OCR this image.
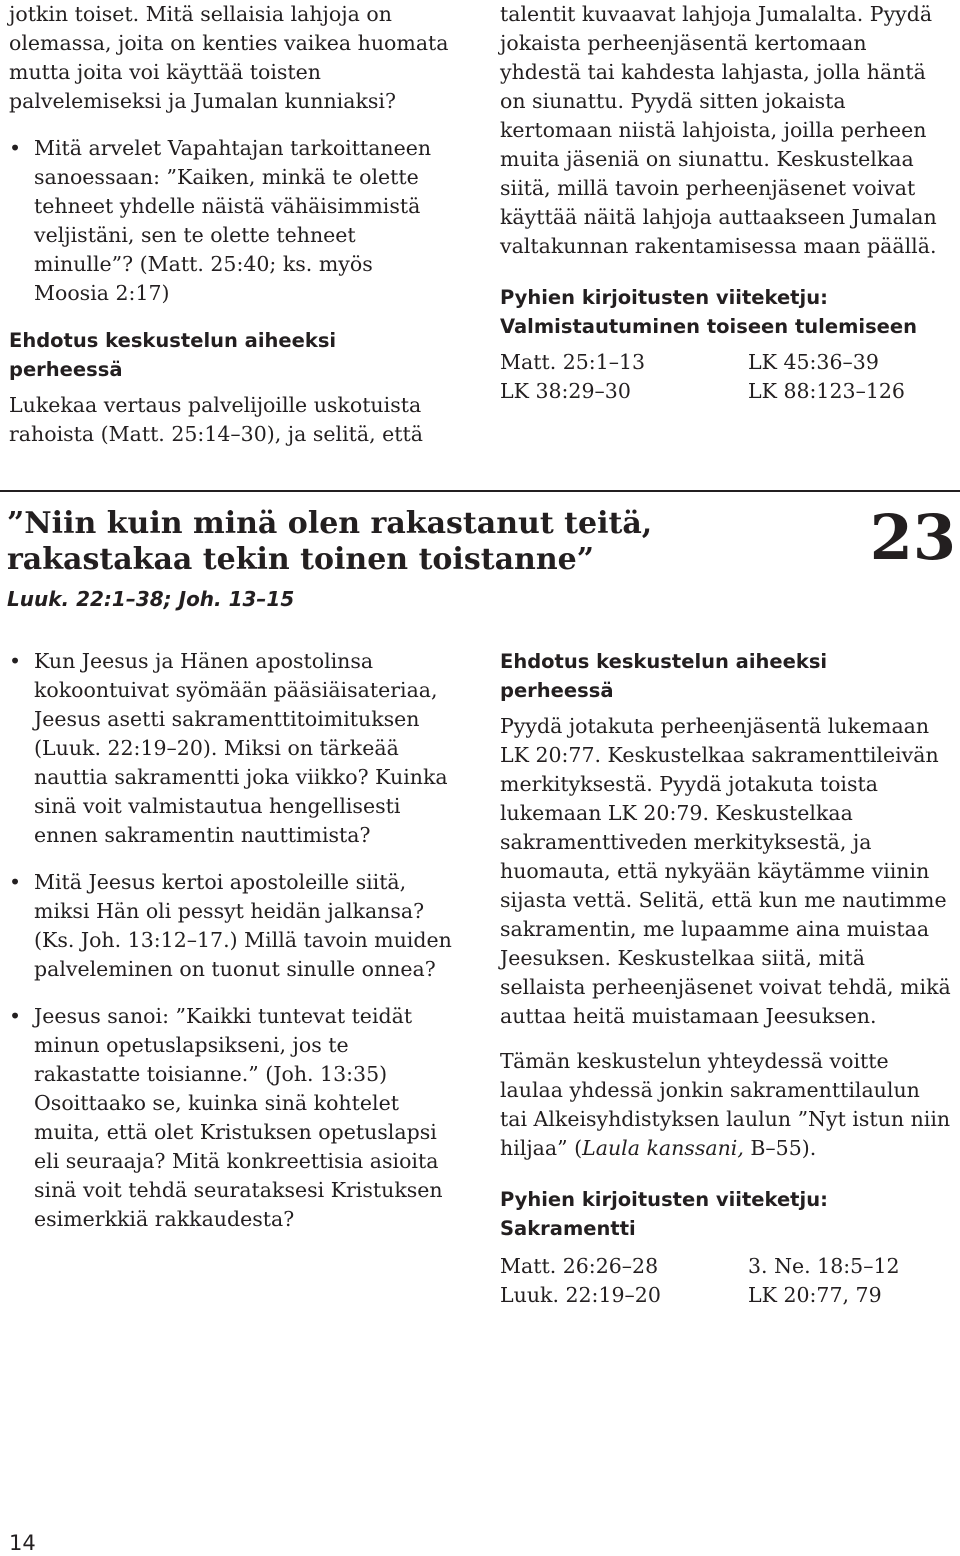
jotkin toiset. Mitä sellaisia lahjoja on olemassa, joita on kenties vaikea huomata mutta joita voi käyttää toisten palvelemiseksi ja Jumalan kunniaksi?

• Mitä arvelet Vapahtajan tarkoittaneen sanoessaan: ”Kaiken, minkä te olette tehneet yhdelle näistä vähäisimmistä veljistäni, sen te olette tehneet minulle”? (Matt. 25:40; ks. myös Moosia 2:17)

Ehdotus keskustelun aiheeksi perheessä

Lukekaa vertaus palvelijoille uskotuista rahoista (Matt. 25:14–30), ja selitä, että

talentit kuvaavat lahjoja Jumalalta. Pyydä jokaista perheenjäsentä kertomaan yhdestä tai kahdesta lahjasta, jolla häntä on siunattu. Pyydä sitten jokaista kertomaan niistä lahjoista, joilla perheen muita jäseniä on siunattu. Keskustelkaa siitä, millä tavoin perheenjäsenet voivat käyttää näitä lahjoja auttaakseen Jumalan valtakunnan rakentamisessa maan päällä.

Pyhien kirjoitusten viiteketju:

Valmistautuminen toiseen tulemiseen

Matt. 25:1–13	LK 45:36–39
LK 38:29–30	LK 88:123–126

”Niin kuin minä olen rakastanut teitä,

rakastakaa tekin toinen toistanne”

Luuk. 22:1–38; Joh. 13–15

23

• Kun Jeesus ja Hänen apostolinsa kokoontuivat syömään pääsiäisateriaa, Jeesus asetti sakramenttitoimituksen (Luuk. 22:19–20). Miksi on tärkeää nauttia sakramentti joka viikko? Kuinka sinä voit valmistautua hengellisesti ennen sakramentin nauttimista?

• Mitä Jeesus kertoi apostoleille siitä, miksi Hän oli pessyt heidän jalkansa? (Ks. Joh. 13:12–17.) Millä tavoin muiden palveleminen on tuonut sinulle onnea?

• Jeesus sanoi: ”Kaikki tuntevat teidät minun opetuslapsikseni, jos te rakastatte toisianne.” (Joh. 13:35) Osoittaako se, kuinka sinä kohtelet muita, että olet Kristuksen opetuslapsi eli seuraaja? Mitä konkreettisia asioita sinä voit tehdä seurataksesi Kristuksen esimerkkiä rakkaudesta?

Ehdotus keskustelun aiheeksi perheessä

Pyydä jotakuta perheenjäsentä lukemaan LK 20:77. Keskustelkaa sakramenttileivän merkityksestä. Pyydä jotakuta toista lukemaan LK 20:79. Keskustelkaa sakramenttiveden merkityksestä, ja huomauta, että nykyään käytämme viinin sijasta vettä. Selitä, että kun me nautimme sakramentin, me lupaamme aina muistaa Jeesuksen. Keskustelkaa siitä, mitä sellaista perheenjäsenet voivat tehdä, mikä auttaa heitä muistamaan Jeesuksen.

Tämän keskustelun yhteydessä voitte laulaa yhdessä jonkin sakramenttilaulun tai Alkeisyhdistyksen laulun ”Nyt istun niin hiljaa” (Laula kanssani, B–55).

Pyhien kirjoitusten viiteketju:

Sakramentti

Matt. 26:26–28	3. Ne. 18:5–12
Luuk. 22:19–20	LK 20:77, 79
14
